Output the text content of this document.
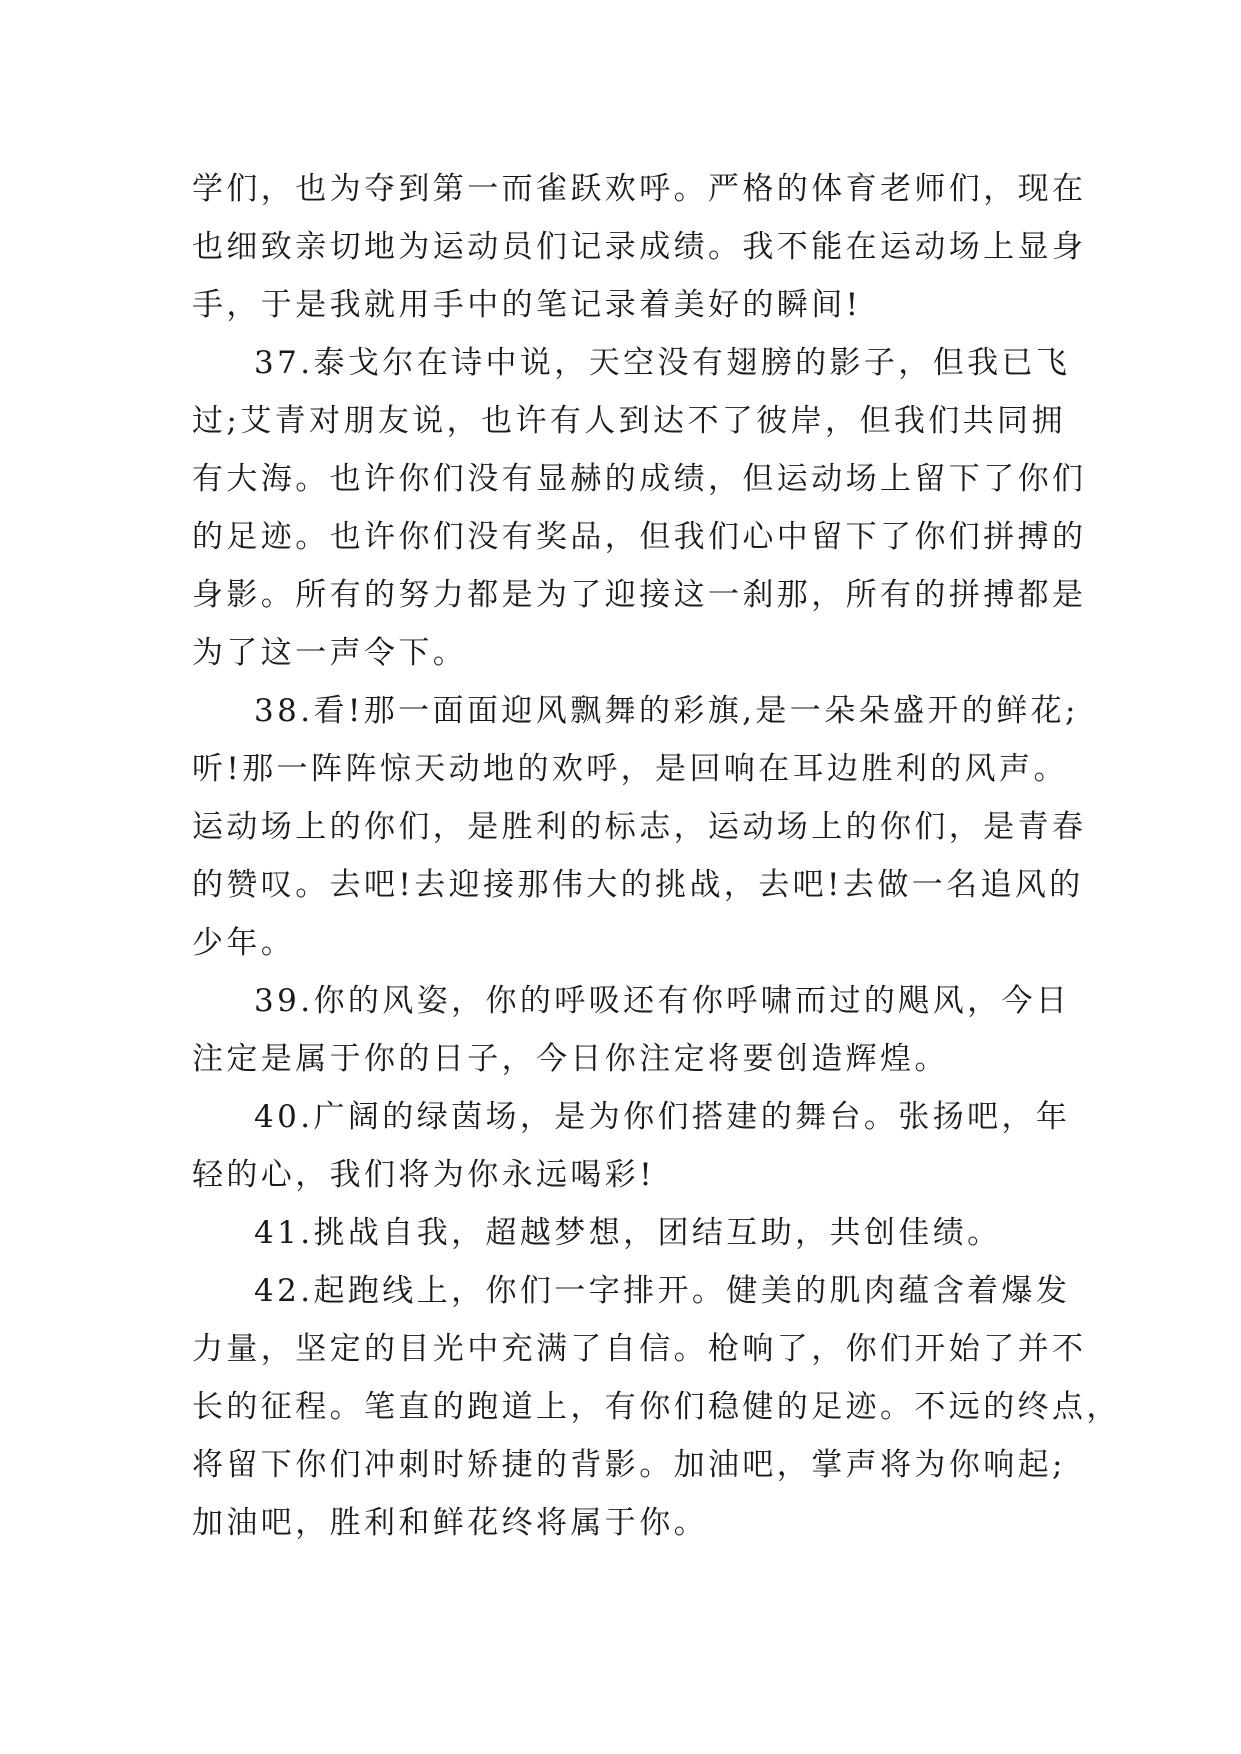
学们，也为夺到第一而雀跃欢呼。严格的体育老师们，现在
也细致亲切地为运动员们记录成绩。我不能在运动场上显身
手，于是我就用手中的笔记录着美好的瞬间!
37.泰戈尔在诗中说，天空没有翅膀的影子，但我已飞
过;艾青对朋友说，也许有人到达不了彼岸，但我们共同拥
有大海。也许你们没有显赫的成绩，但运动场上留下了你们
的足迹。也许你们没有奖品，但我们心中留下了你们拼搏的
身影。所有的努力都是为了迎接这一刹那，所有的拼搏都是
为了这一声令下。
38.看!那一面面迎风飘舞的彩旗,是一朵朵盛开的鲜花;
听!那一阵阵惊天动地的欢呼，是回响在耳边胜利的风声。
运动场上的你们，是胜利的标志，运动场上的你们，是青春
的赞叹。去吧!去迎接那伟大的挑战，去吧!去做一名追风的
少年。
39.你的风姿，你的呼吸还有你呼啸而过的飓风，今日
注定是属于你的日子，今日你注定将要创造辉煌。
40.广阔的绿茵场，是为你们搭建的舞台。张扬吧，年
轻的心，我们将为你永远喝彩!
41.挑战自我，超越梦想，团结互助，共创佳绩。
42.起跑线上，你们一字排开。健美的肌肉蕴含着爆发
力量，坚定的目光中充满了自信。枪响了，你们开始了并不
长的征程。笔直的跑道上，有你们稳健的足迹。不远的终点，
将留下你们冲刺时矫捷的背影。加油吧，掌声将为你响起;
加油吧，胜利和鲜花终将属于你。
